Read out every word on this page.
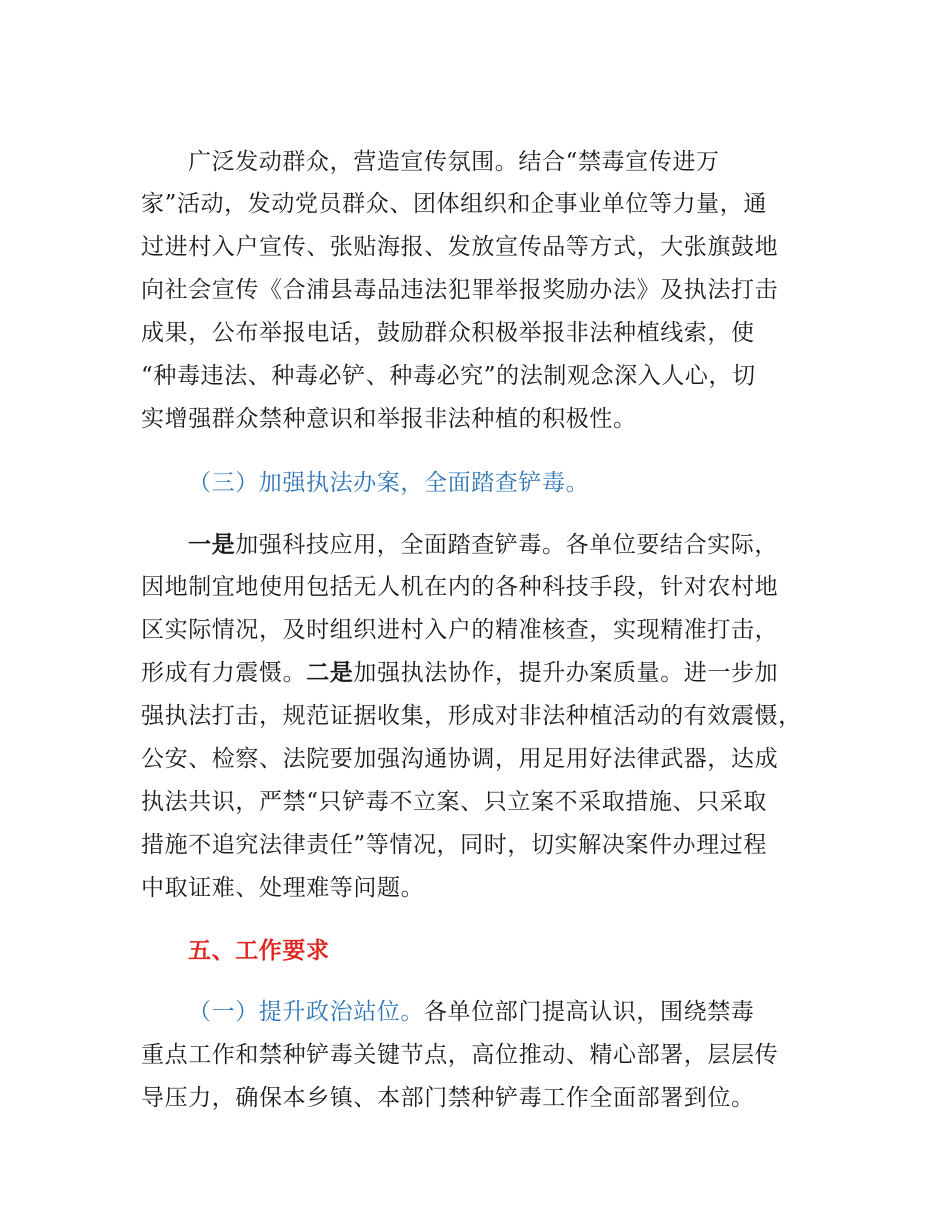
广泛发动群众，营造宣传氛围。结合“禁毒宣传进万
家”活动，发动党员群众、团体组织和企事业单位等力量，通
过进村入户宣传、张贴海报、发放宣传品等方式，大张旗鼓地
向社会宣传《合浦县毒品违法犯罪举报奖励办法》及执法打击
成果，公布举报电话，鼓励群众积极举报非法种植线索，使
“种毒违法、种毒必铲、种毒必究”的法制观念深入人心，切
实增强群众禁种意识和举报非法种植的积极性。
（三）加强执法办案，全面踏查铲毒。
一是加强科技应用，全面踏查铲毒。各单位要结合实际，
因地制宜地使用包括无人机在内的各种科技手段，针对农村地
区实际情况，及时组织进村入户的精准核查，实现精准打击，
形成有力震慑。二是加强执法协作，提升办案质量。进一步加
强执法打击，规范证据收集，形成对非法种植活动的有效震慑，
公安、检察、法院要加强沟通协调，用足用好法律武器，达成
执法共识，严禁“只铲毒不立案、只立案不采取措施、只采取
措施不追究法律责任”等情况，同时，切实解决案件办理过程
中取证难、处理难等问题。
五、工作要求
（一）提升政治站位。各单位部门提高认识，围绕禁毒
重点工作和禁种铲毒关键节点，高位推动、精心部署，层层传
导压力，确保本乡镇、本部门禁种铲毒工作全面部署到位。
